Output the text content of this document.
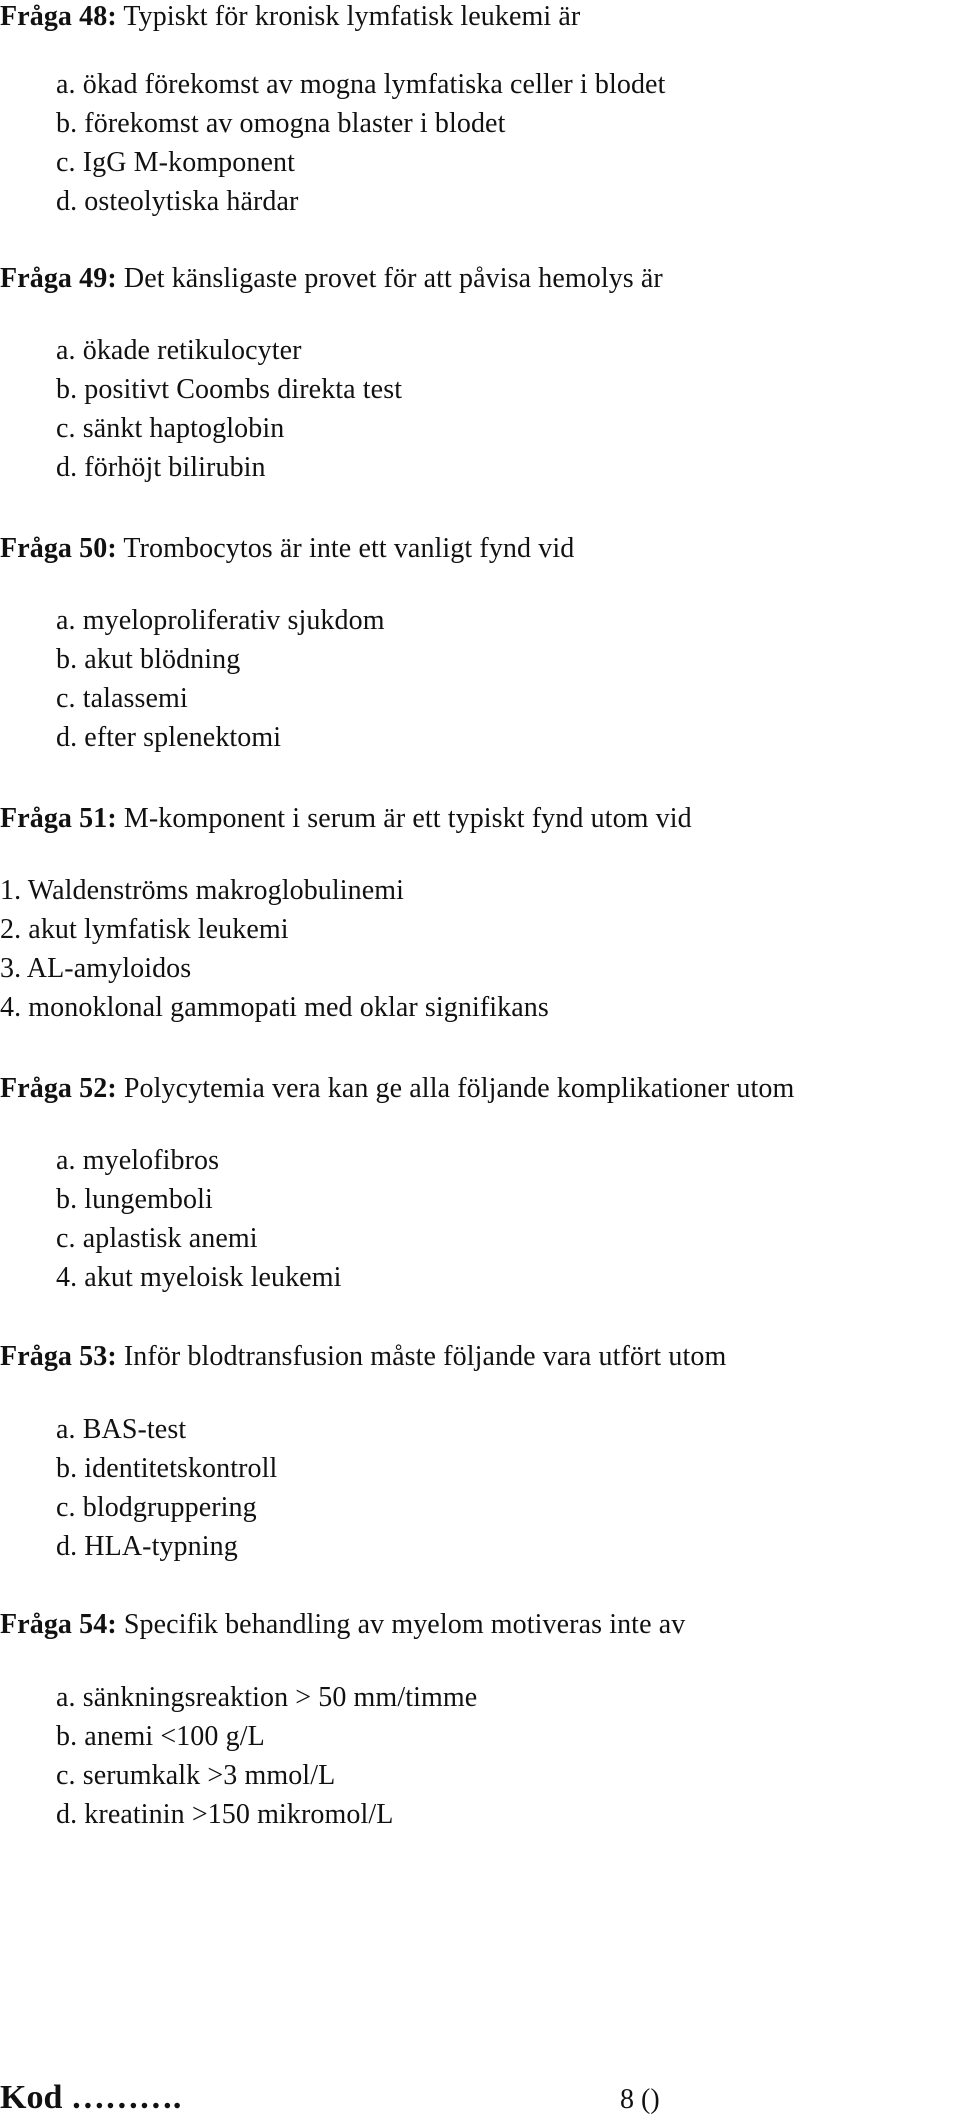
Fråga 48: Typiskt för kronisk lymfatisk leukemi är
a. ökad förekomst av mogna lymfatiska celler i blodet
b. förekomst av omogna blaster i blodet
c. IgG M-komponent
d. osteolytiska härdar
Fråga 49: Det känsligaste provet för att påvisa hemolys är
a. ökade retikulocyter
b. positivt Coombs direkta test
c. sänkt haptoglobin
d. förhöjt bilirubin
Fråga 50: Trombocytos är inte ett vanligt fynd vid
a. myeloproliferativ sjukdom
b. akut blödning
c. talassemi
d. efter splenektomi
Fråga 51: M-komponent i serum är ett typiskt fynd utom vid
1. Waldenströms makroglobulinemi
2. akut lymfatisk leukemi
3. AL-amyloidos
4. monoklonal gammopati med oklar signifikans
Fråga 52: Polycytemia vera kan ge alla följande komplikationer utom
a. myelofibros
b. lungemboli
c. aplastisk anemi
4. akut myeloisk leukemi
Fråga 53: Inför blodtransfusion måste följande vara utfört utom
a. BAS-test
b. identitetskontroll
c. blodgruppering
d. HLA-typning
Fråga 54: Specifik behandling av myelom motiveras inte av
a. sänkningsreaktion > 50 mm/timme
b. anemi <100 g/L
c. serumkalk >3 mmol/L
d. kreatinin >150 mikromol/L
Kod ……….	8 ()
